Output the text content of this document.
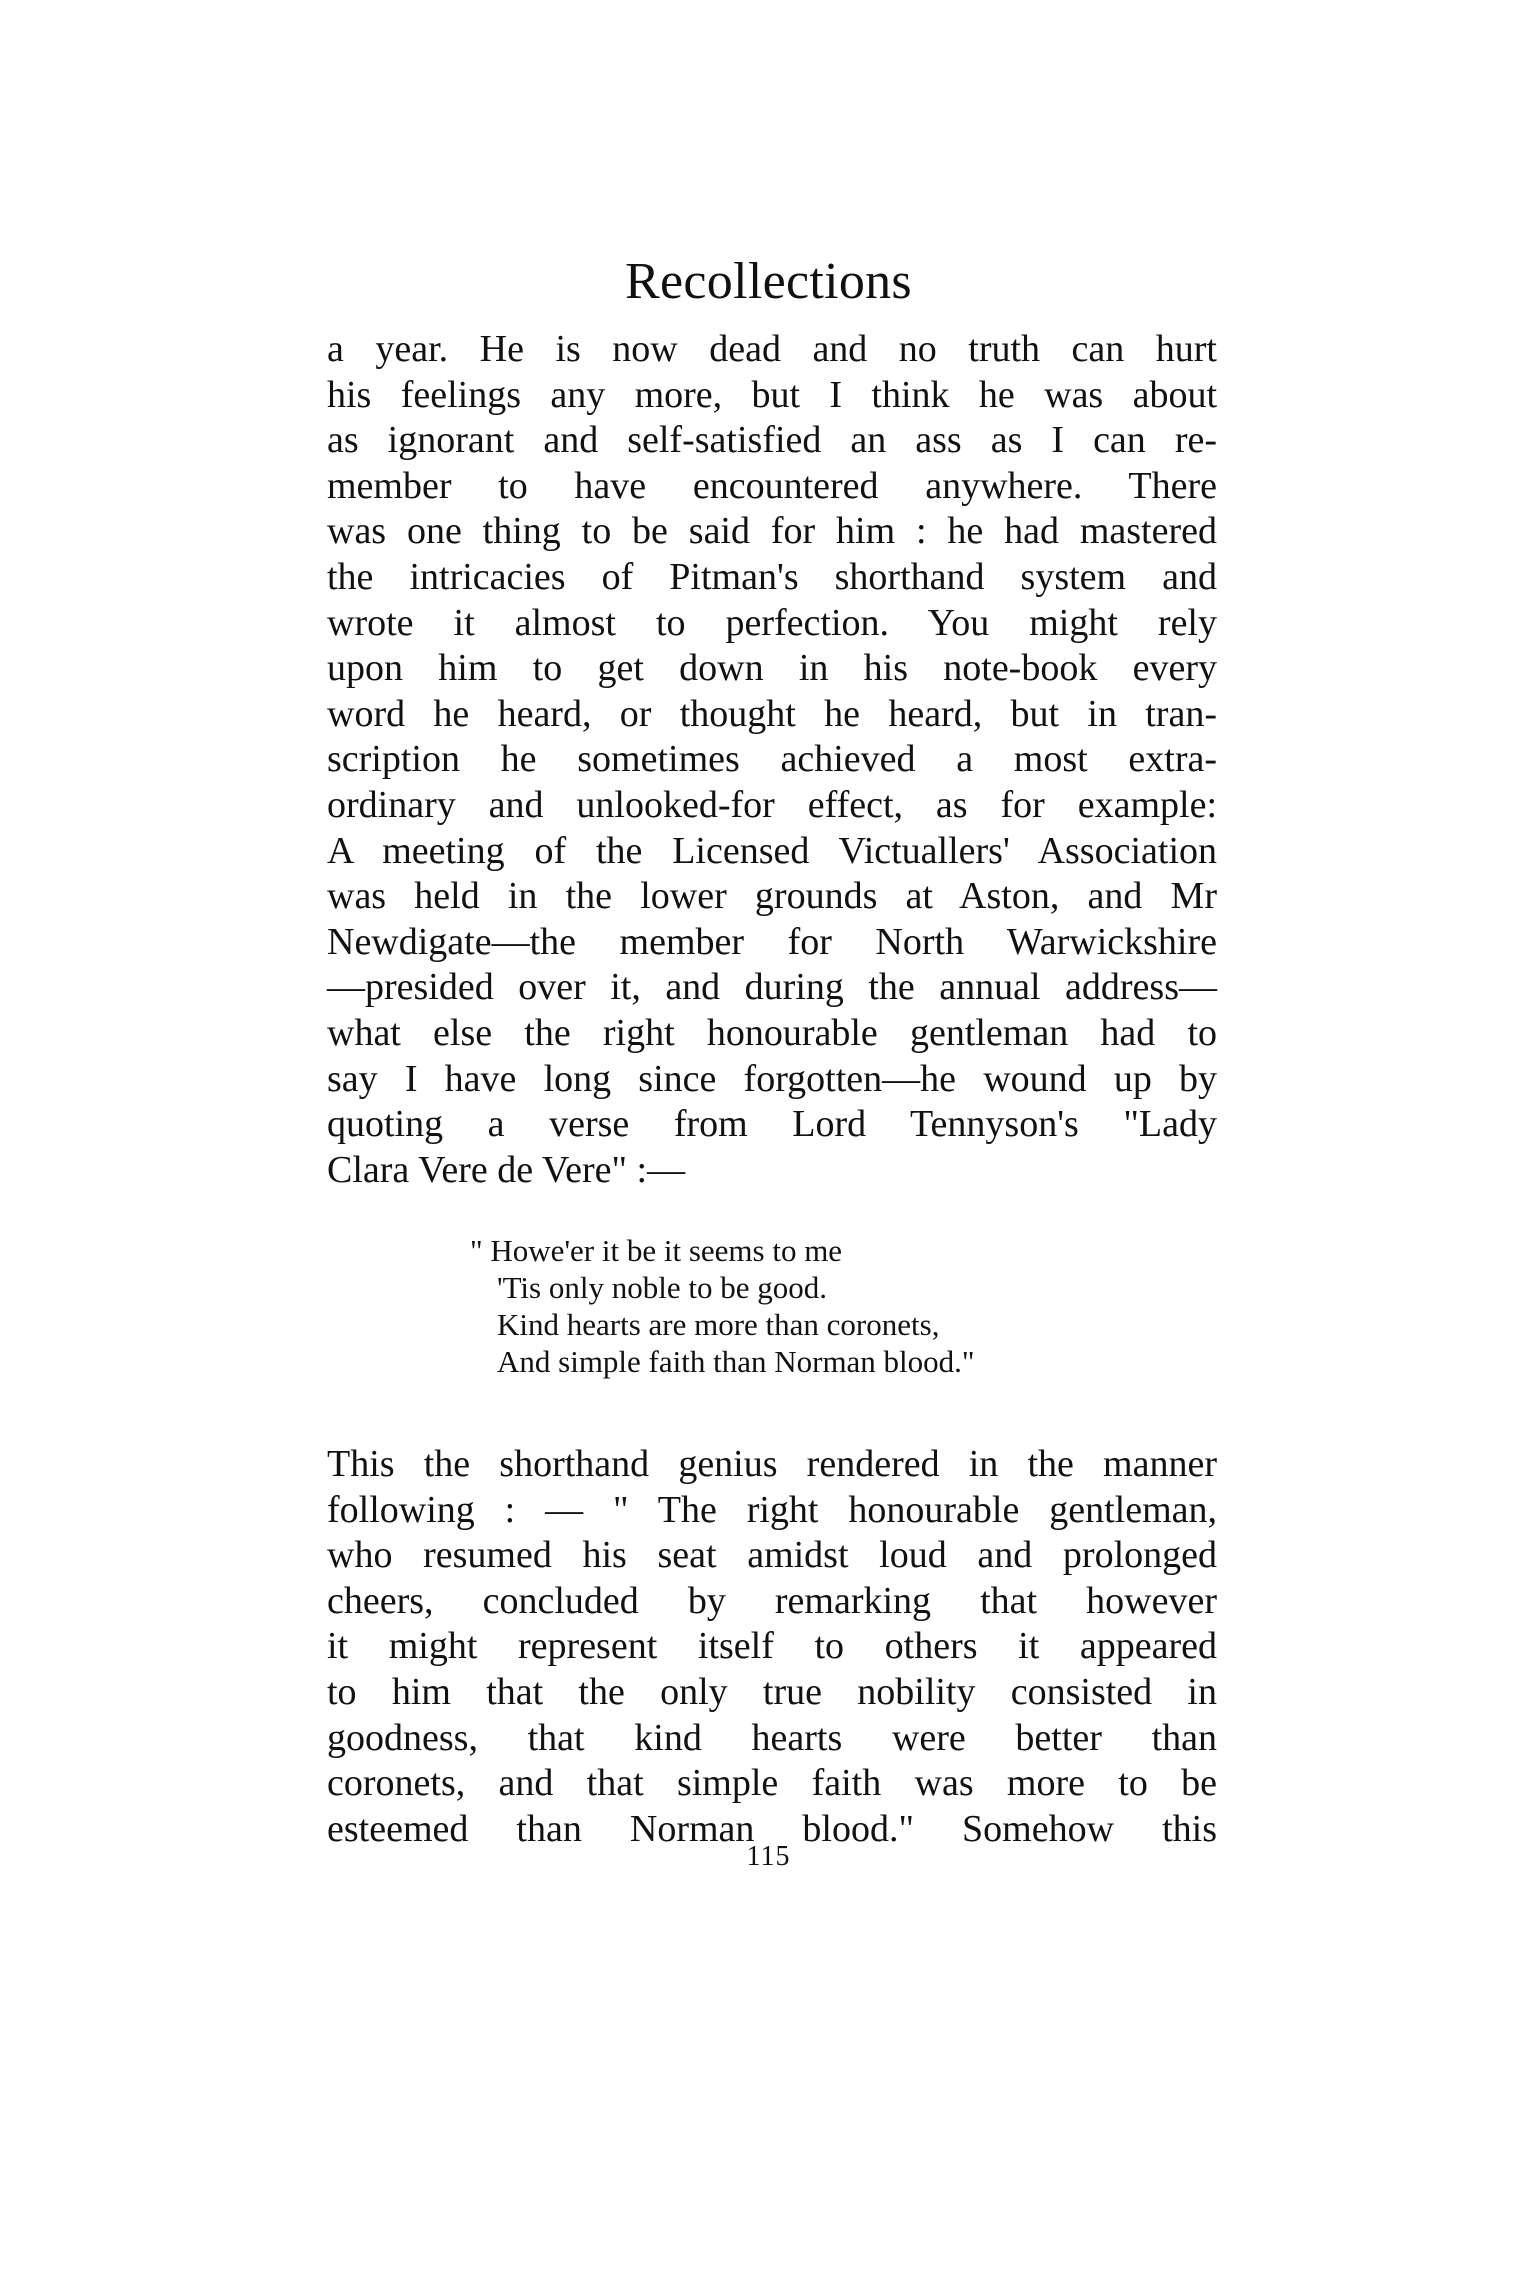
Recollections
a year. He is now dead and no truth can hurt
his feelings any more, but I think he was about
as ignorant and self-satisfied an ass as I can re-
member to have encountered anywhere. There
was one thing to be said for him : he had mastered
the intricacies of Pitman's shorthand system and
wrote it almost to perfection. You might rely
upon him to get down in his note-book every
word he heard, or thought he heard, but in tran-
scription he sometimes achieved a most extra-
ordinary and unlooked-for effect, as for example:
A meeting of the Licensed Victuallers' Association
was held in the lower grounds at Aston, and Mr
Newdigate—the member for North Warwickshire
—presided over it, and during the annual address—
what else the right honourable gentleman had to
say I have long since forgotten—he wound up by
quoting a verse from Lord Tennyson's "Lady
Clara Vere de Vere" :—
" Howe'er it be it seems to me
'Tis only noble to be good.
Kind hearts are more than coronets,
And simple faith than Norman blood."
This the shorthand genius rendered in the manner
following : — " The right honourable gentleman,
who resumed his seat amidst loud and prolonged
cheers, concluded by remarking that however
it might represent itself to others it appeared
to him that the only true nobility consisted in
goodness, that kind hearts were better than
coronets, and that simple faith was more to be
esteemed than Norman blood." Somehow this
115
